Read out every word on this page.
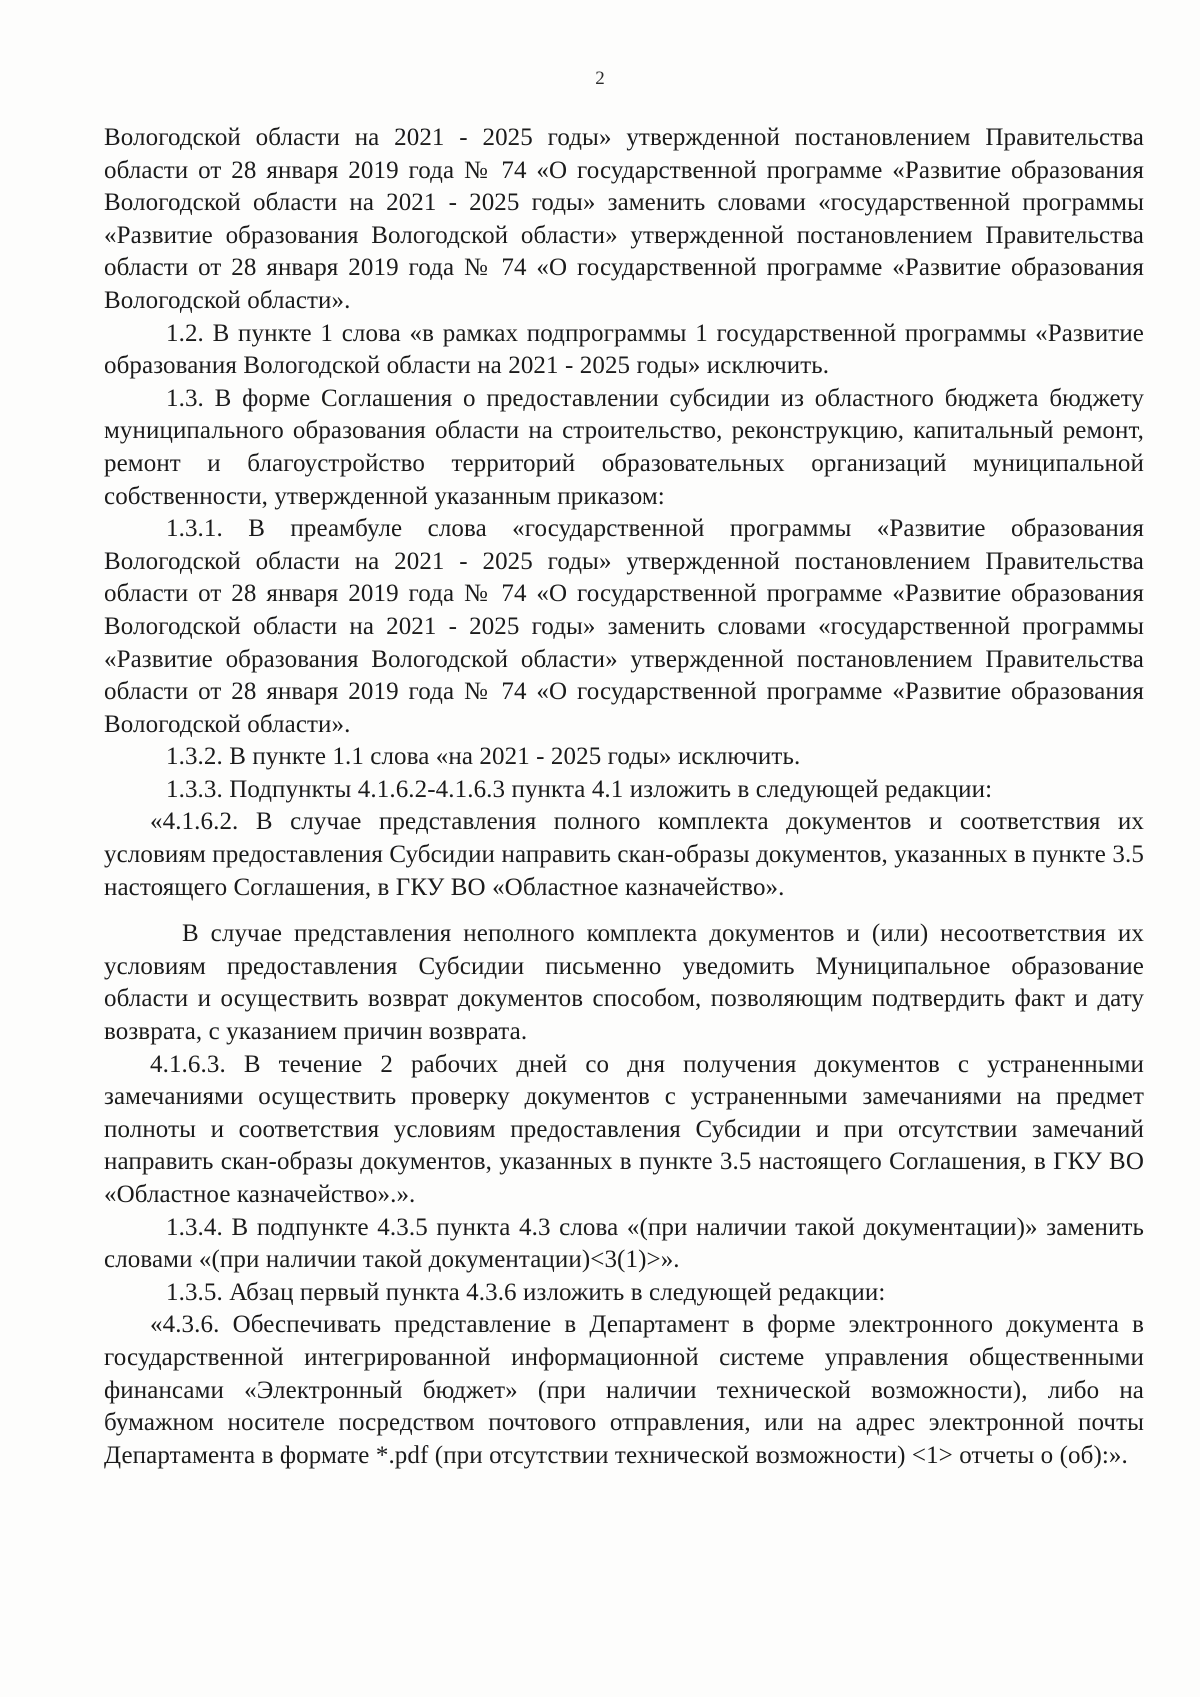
2

Вологодской области на 2021 - 2025 годы» утвержденной постановлением Правительства области от 28 января 2019 года № 74 «О государственной программе «Развитие образования Вологодской области на 2021 - 2025 годы» заменить словами «государственной программы «Развитие образования Вологодской области» утвержденной постановлением Правительства области от 28 января 2019 года № 74 «О государственной программе «Развитие образования Вологодской области».

1.2. В пункте 1 слова «в рамках подпрограммы 1 государственной программы «Развитие образования Вологодской области на 2021 - 2025 годы» исключить.

1.3. В форме Соглашения о предоставлении субсидии из областного бюджета бюджету муниципального образования области на строительство, реконструкцию, капитальный ремонт, ремонт и благоустройство территорий образовательных организаций муниципальной собственности, утвержденной указанным приказом:

1.3.1. В преамбуле слова «государственной программы «Развитие образования Вологодской области на 2021 - 2025 годы» утвержденной постановлением Правительства области от 28 января 2019 года № 74 «О государственной программе «Развитие образования Вологодской области на 2021 - 2025 годы» заменить словами «государственной программы «Развитие образования Вологодской области» утвержденной постановлением Правительства области от 28 января 2019 года № 74 «О государственной программе «Развитие образования Вологодской области».

1.3.2. В пункте 1.1 слова «на 2021 - 2025 годы» исключить.

1.3.3. Подпункты 4.1.6.2-4.1.6.3 пункта 4.1 изложить в следующей редакции:

«4.1.6.2. В случае представления полного комплекта документов и соответствия их условиям предоставления Субсидии направить скан-образы документов, указанных в пункте 3.5 настоящего Соглашения, в ГКУ ВО «Областное казначейство».

В случае представления неполного комплекта документов и (или) несоответствия их условиям предоставления Субсидии письменно уведомить Муниципальное образование области и осуществить возврат документов способом, позволяющим подтвердить факт и дату возврата, с указанием причин возврата.

4.1.6.3. В течение 2 рабочих дней со дня получения документов с устраненными замечаниями осуществить проверку документов с устраненными замечаниями на предмет полноты и соответствия условиям предоставления Субсидии и при отсутствии замечаний направить скан-образы документов, указанных в пункте 3.5 настоящего Соглашения, в ГКУ ВО «Областное казначейство».».

1.3.4. В подпункте 4.3.5 пункта 4.3 слова «(при наличии такой документации)» заменить словами «(при наличии такой документации)<3(1)>».

1.3.5. Абзац первый пункта 4.3.6 изложить в следующей редакции:

«4.3.6. Обеспечивать представление в Департамент в форме электронного документа в государственной интегрированной информационной системе управления общественными финансами «Электронный бюджет» (при наличии технической возможности), либо на бумажном носителе посредством почтового отправления, или на адрес электронной почты Департамента в формате *.pdf (при отсутствии технической возможности) <1> отчеты о (об):».
